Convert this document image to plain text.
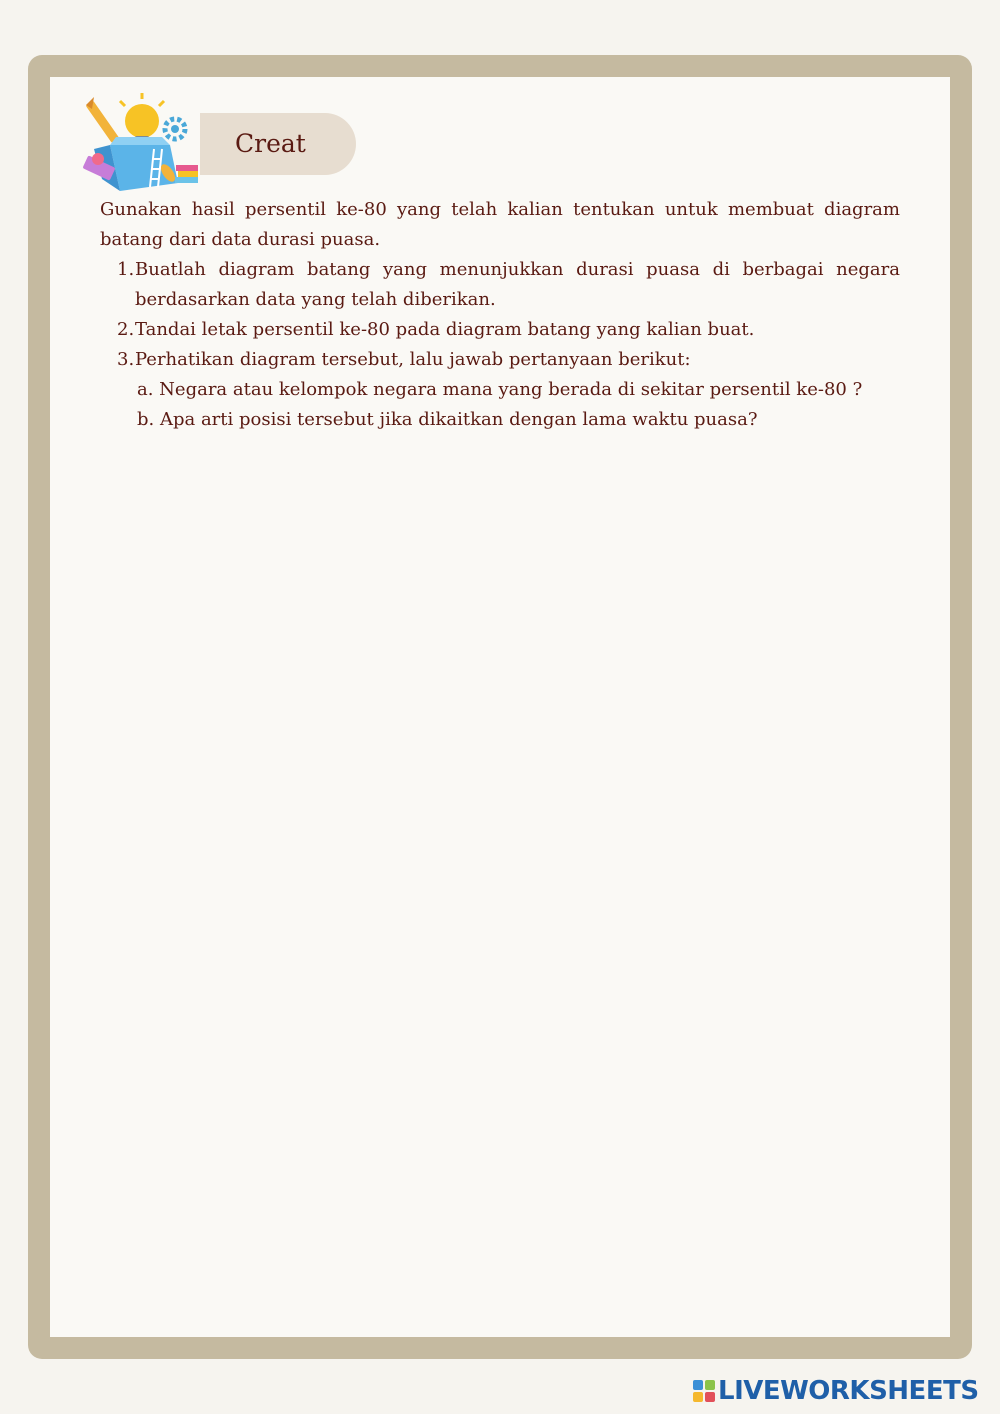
Creat

Gunakan hasil persentil ke-80 yang telah kalian tentukan untuk membuat diagram batang dari data durasi puasa.

1. Buatlah diagram batang yang menunjukkan durasi puasa di berbagai negara berdasarkan data yang telah diberikan.
2. Tandai letak persentil ke-80 pada diagram batang yang kalian buat.
3. Perhatikan diagram tersebut, lalu jawab pertanyaan berikut:
a. Negara atau kelompok negara mana yang berada di sekitar persentil ke-80 ?
b. Apa arti posisi tersebut jika dikaitkan dengan lama waktu puasa?
LIVEWORKSHEETS
